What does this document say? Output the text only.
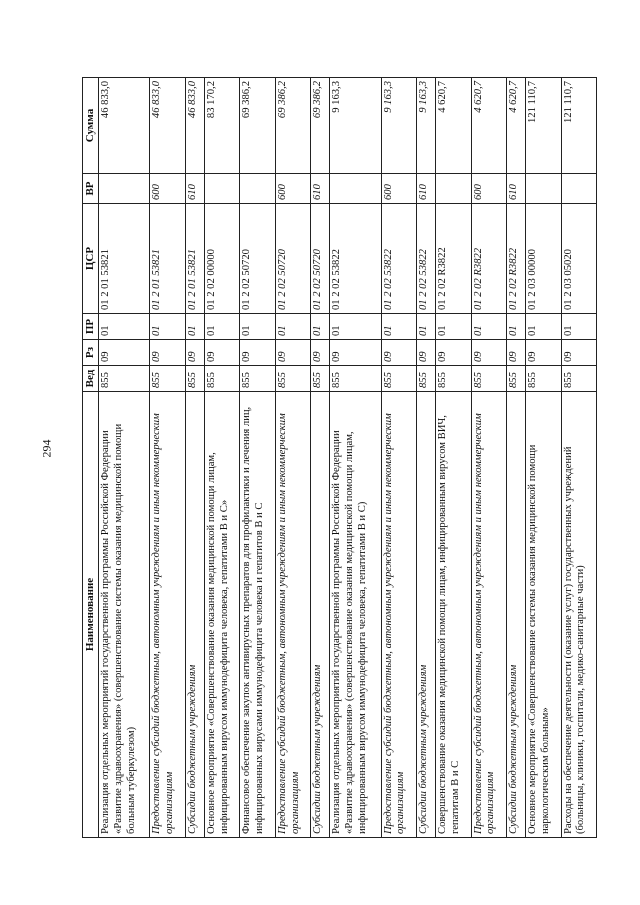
294
Наименование	Вед	Рз	ПР	ЦСР	ВР	Сумма
Реализация отдельных мероприятий государственной программы Российской Федерации «Развитие здравоохранения» (совершенствование системы оказания медицинской помощи больным туберкулезом)	855	09	01	01 2 01 53821		46 833,0
Предоставление субсидий бюджетным, автономным учреждениям и иным некоммерческим организациям	855	09	01	01 2 01 53821	600	46 833,0
Субсидии бюджетным учреждениям	855	09	01	01 2 01 53821	610	46 833,0
Основное мероприятие «Совершенствование оказания медицинской помощи лицам, инфицированным вирусом иммунодефицита человека, гепатитами B и C»	855	09	01	01 2 02 00000		83 170,2
Финансовое обеспечение закупок антивирусных препаратов для профилактики и лечения лиц, инфицированных вирусами иммунодефицита человека и гепатитов B и C	855	09	01	01 2 02 50720		69 386,2
Предоставление субсидий бюджетным, автономным учреждениям и иным некоммерческим организациям	855	09	01	01 2 02 50720	600	69 386,2
Субсидии бюджетным учреждениям	855	09	01	01 2 02 50720	610	69 386,2
Реализация отдельных мероприятий государственной программы Российской Федерации «Развитие здравоохранения» (совершенствование оказания медицинской помощи лицам, инфицированным вирусом иммунодефицита человека, гепатитами B и C)	855	09	01	01 2 02 53822		9 163,3
Предоставление субсидий бюджетным, автономным учреждениям и иным некоммерческим организациям	855	09	01	01 2 02 53822	600	9 163,3
Субсидии бюджетным учреждениям	855	09	01	01 2 02 53822	610	9 163,3
Совершенствование оказания медицинской помощи лицам, инфицированным вирусом ВИЧ, гепатитам B и C	855	09	01	01 2 02 R3822		4 620,7
Предоставление субсидий бюджетным, автономным учреждениям и иным некоммерческим организациям	855	09	01	01 2 02 R3822	600	4 620,7
Субсидии бюджетным учреждениям	855	09	01	01 2 02 R3822	610	4 620,7
Основное мероприятие «Совершенствование системы оказания медицинской помощи наркологическим больным»	855	09	01	01 2 03 00000		121 110,7
Расходы на обеспечение деятельности (оказание услуг) государственных учреждений (больницы, клиники, госпитали, медико-санитарные части)	855	09	01	01 2 03 05020		121 110,7
